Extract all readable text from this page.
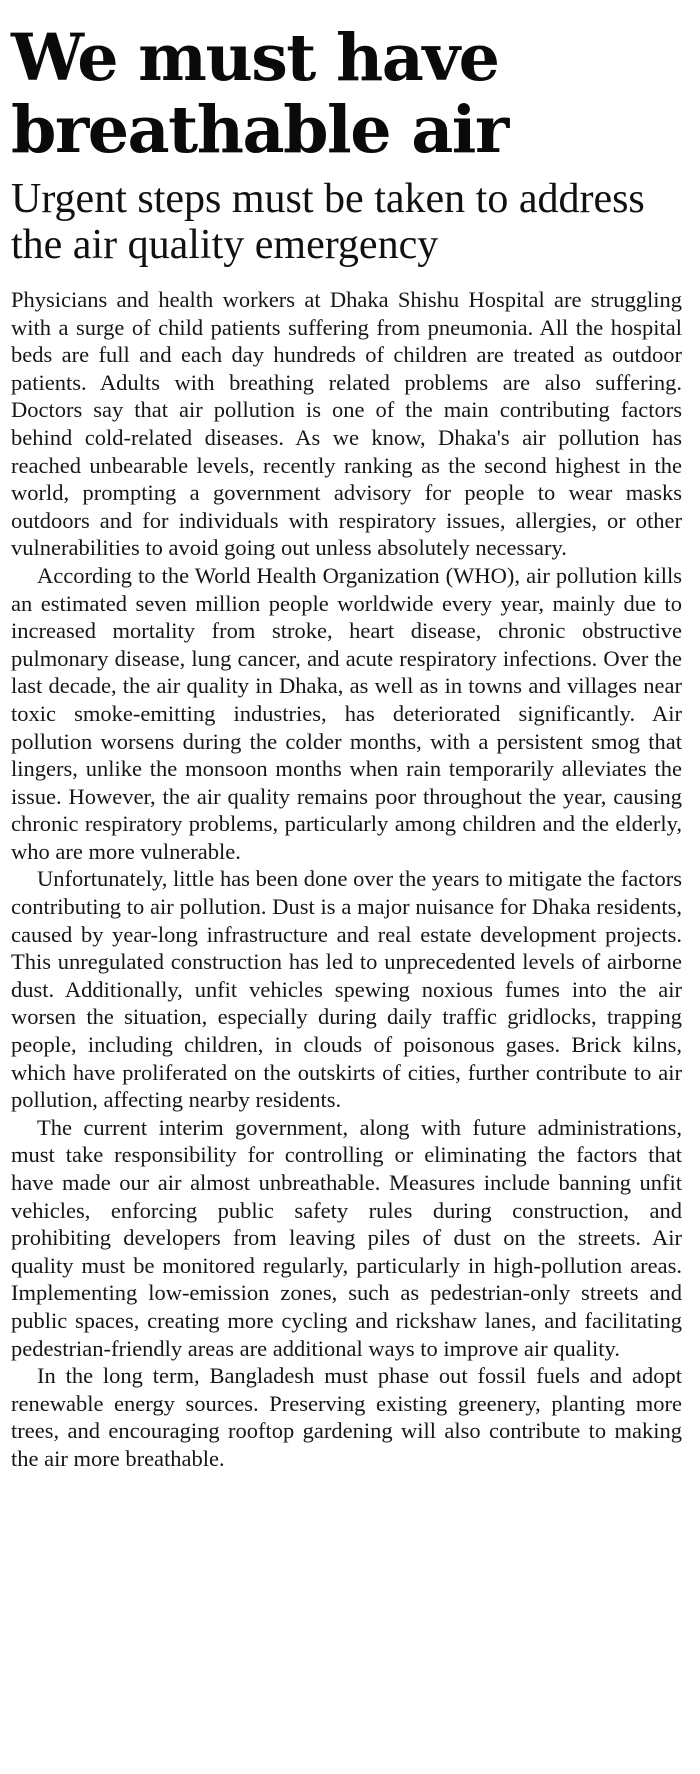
We must have breathable air
Urgent steps must be taken to address the air quality emergency

Physicians and health workers at Dhaka Shishu Hospital are struggling with a surge of child patients suffering from pneumonia. All the hospital beds are full and each day hundreds of children are treated as outdoor patients. Adults with breathing related problems are also suffering. Doctors say that air pollution is one of the main contributing factors behind cold-related diseases. As we know, Dhaka's air pollution has reached unbearable levels, recently ranking as the second highest in the world, prompting a government advisory for people to wear masks outdoors and for individuals with respiratory issues, allergies, or other vulnerabilities to avoid going out unless absolutely necessary.

According to the World Health Organization (WHO), air pollution kills an estimated seven million people worldwide every year, mainly due to increased mortality from stroke, heart disease, chronic obstructive pulmonary disease, lung cancer, and acute respiratory infections. Over the last decade, the air quality in Dhaka, as well as in towns and villages near toxic smoke-emitting industries, has deteriorated significantly. Air pollution worsens during the colder months, with a persistent smog that lingers, unlike the monsoon months when rain temporarily alleviates the issue. However, the air quality remains poor throughout the year, causing chronic respiratory problems, particularly among children and the elderly, who are more vulnerable.

Unfortunately, little has been done over the years to mitigate the factors contributing to air pollution. Dust is a major nuisance for Dhaka residents, caused by year-long infrastructure and real estate development projects. This unregulated construction has led to unprecedented levels of airborne dust. Additionally, unfit vehicles spewing noxious fumes into the air worsen the situation, especially during daily traffic gridlocks, trapping people, including children, in clouds of poisonous gases. Brick kilns, which have proliferated on the outskirts of cities, further contribute to air pollution, affecting nearby residents.

The current interim government, along with future administrations, must take responsibility for controlling or eliminating the factors that have made our air almost unbreathable. Measures include banning unfit vehicles, enforcing public safety rules during construction, and prohibiting developers from leaving piles of dust on the streets. Air quality must be monitored regularly, particularly in high-pollution areas. Implementing low-emission zones, such as pedestrian-only streets and public spaces, creating more cycling and rickshaw lanes, and facilitating pedestrian-friendly areas are additional ways to improve air quality.

In the long term, Bangladesh must phase out fossil fuels and adopt renewable energy sources. Preserving existing greenery, planting more trees, and encouraging rooftop gardening will also contribute to making the air more breathable.
